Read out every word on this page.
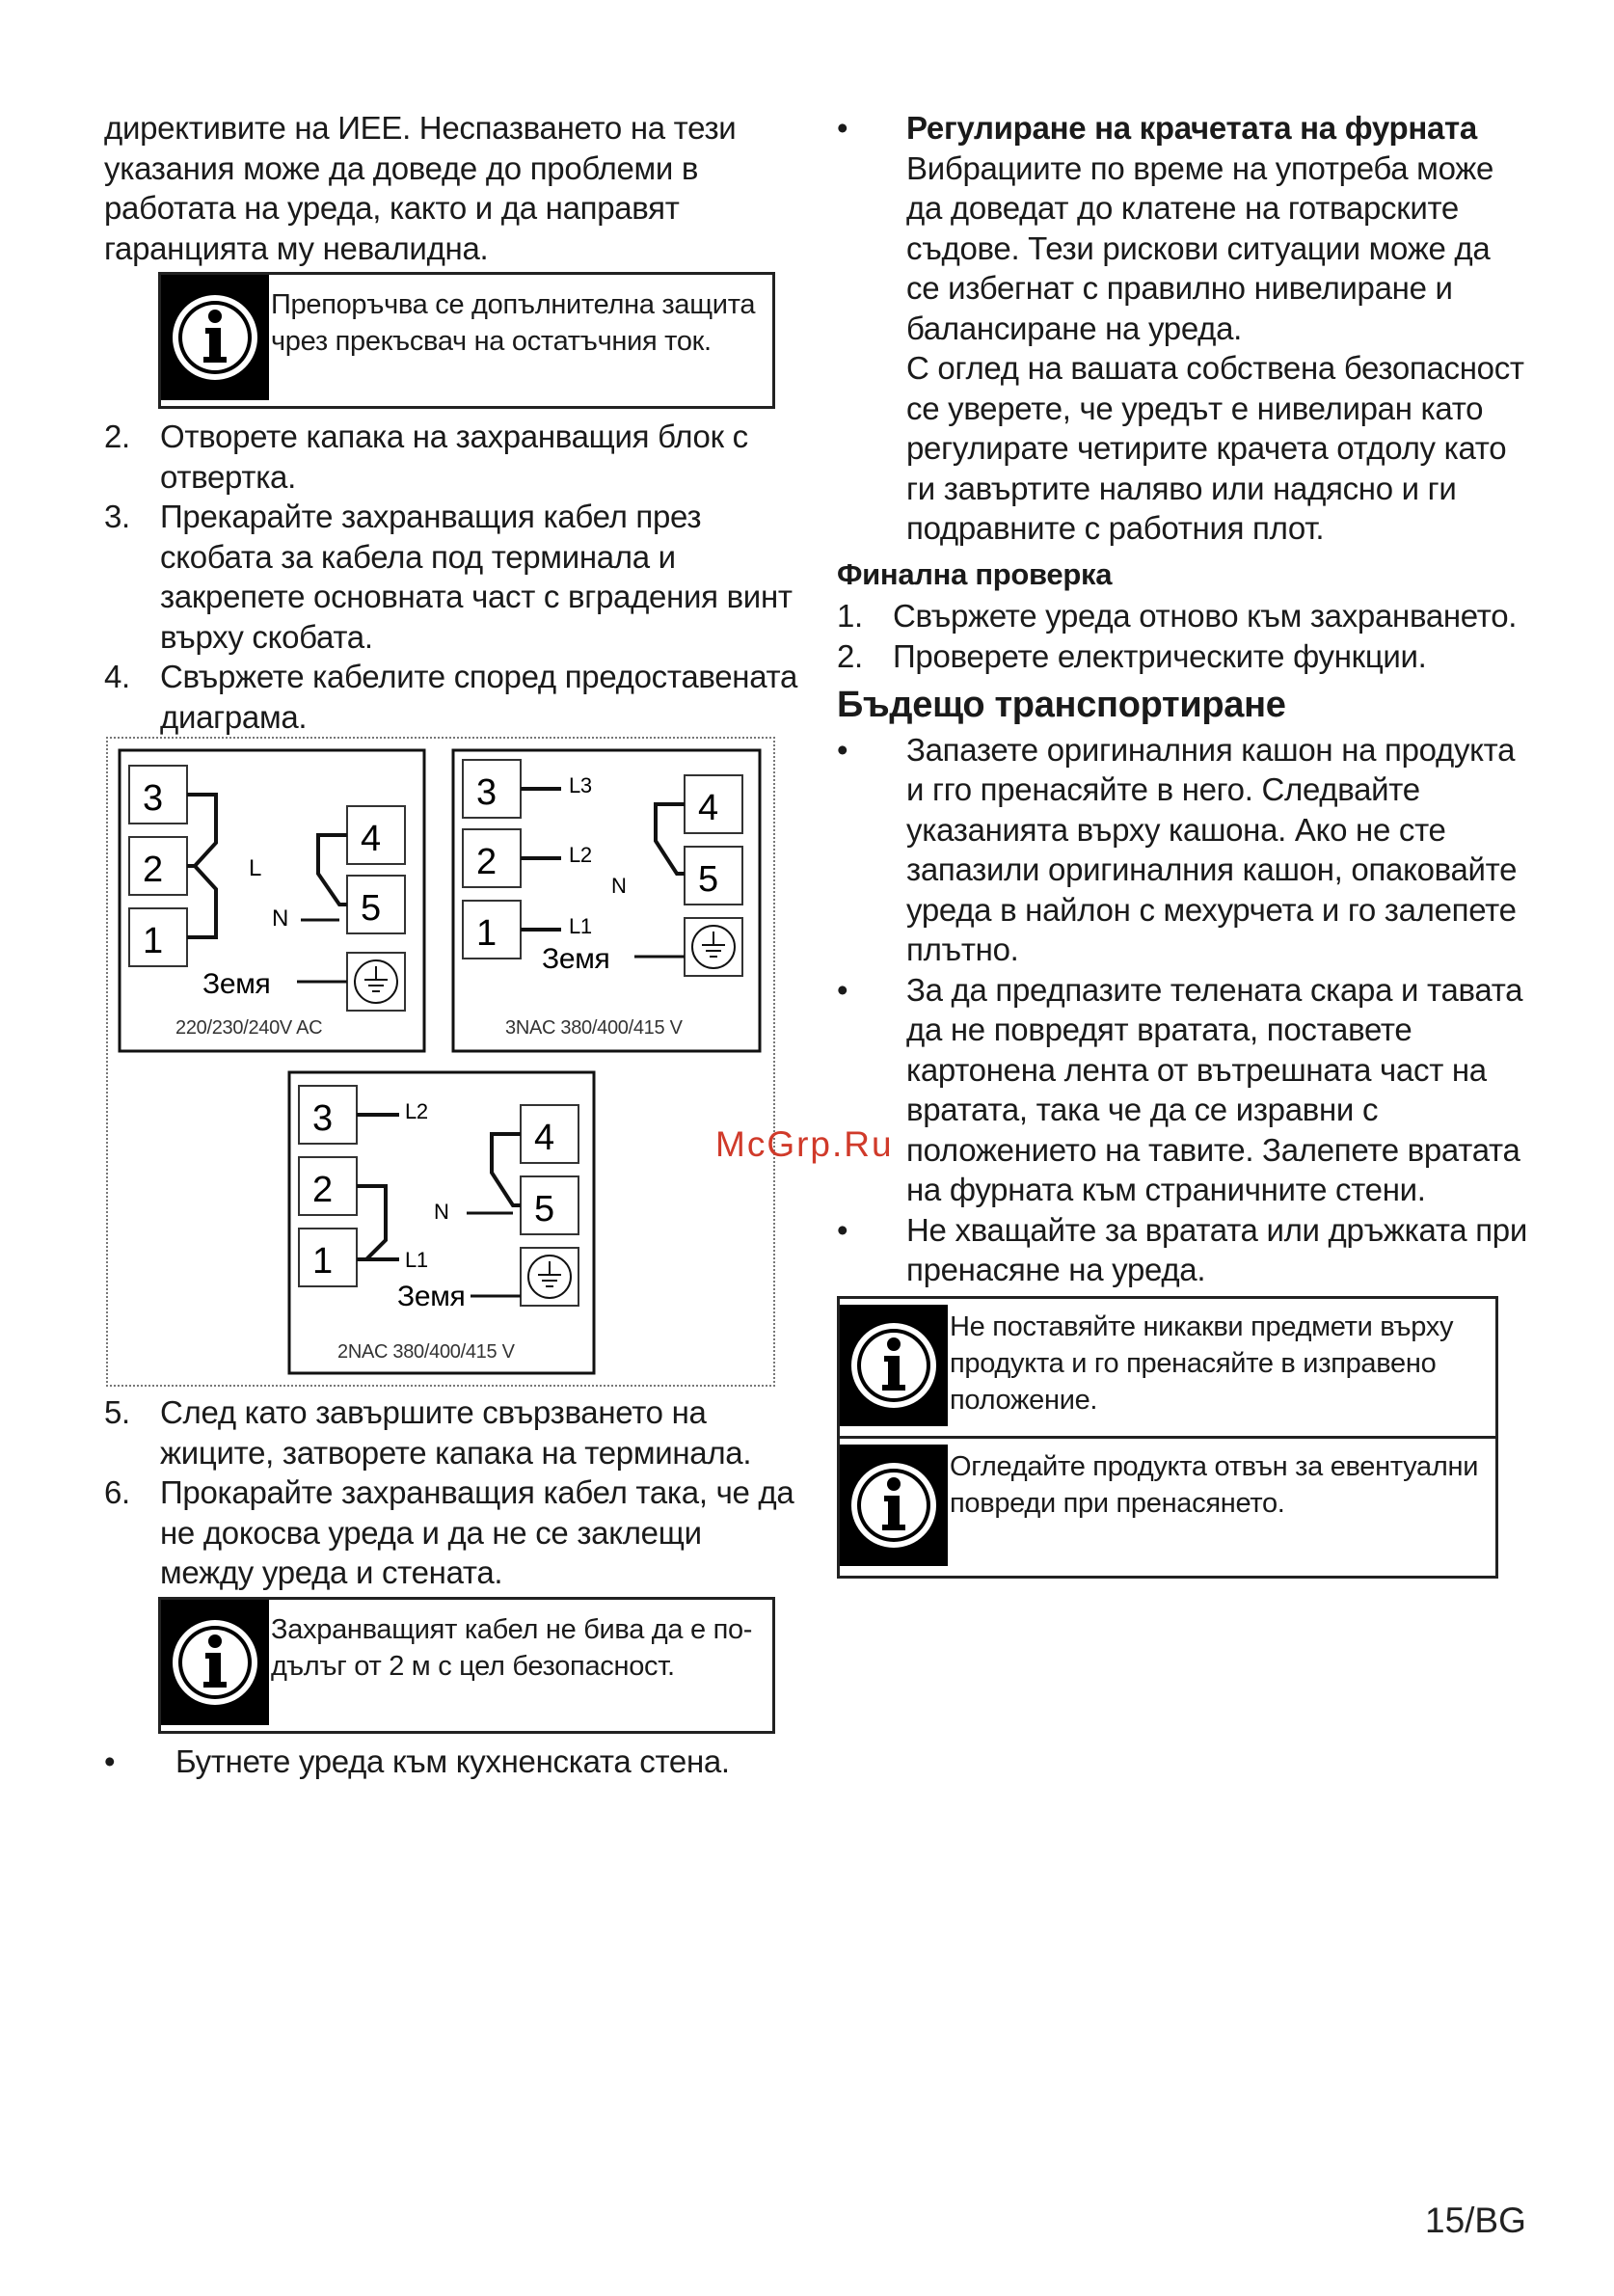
директивите на ИЕЕ. Неспазването на тези указания може да доведе до проблеми в работата на уреда, както и да направят гаранцията му невалидна.

Препоръчва се допълнителна защита чрез прекъсвач на остатъчния ток.
2. Отворете капака на захранващия блок с отвертка.
3. Прекарайте захранващия кабел през скобата за кабела под терминала и закрепете основната част с вградения винт върху скобата.
4. Свържете кабелите според предоставената диаграма.
3
2
1
4
5
L
N
Земя
220/230/240V AC
3
2
1
4
5
L3
L2
L1
N
Земя
3NAC 380/400/415 V
3
2
1
4
5
L2
L1
N
Земя
2NAC 380/400/415 V
5. След като завършите свързването на жиците, затворете капака на терминала.
6. Прокарайте захранващия кабел така, че да не докосва уреда и да не се заклещи между уреда и стената.
Захранващият кабел не бива да е по-дълъг от 2 м с цел безопасност.
• Бутнете уреда към кухненската стена.
• Регулиране на крачетата на фурната

Вибрациите по време на употреба може да доведат до клатене на готварските съдове. Тези рискови ситуации може да се избегнат с правилно нивелиране и балансиране на уреда.

С оглед на вашата собствена безопасност се уверете, че уредът е нивелиран като регулирате четирите крачета отдолу като ги завъртите наляво или надясно и ги подравните с работния плот.

Финална проверка
1. Свържете уреда отново към захранването.
2. Проверете електрическите функции.
Бъдещо транспортиране
• Запазете оригиналния кашон на продукта и гго пренасяйте в него. Следвайте указанията върху кашона. Ако не сте запазили оригиналния кашон, опаковайте уреда в найлон с мехурчета и го залепете плътно.
• За да предпазите телената скара и тавата да не повредят вратата, поставете картонена лента от вътрешната част на вратата, така че да се изравни с положението на тавите. Залепете вратата на фурната към страничните стени.
• Не хващайте за вратата или дръжката при пренасяне на уреда.
Не поставяйте никакви предмети върху продукта и го пренасяйте в изправено положение.
Огледайте продукта отвън за евентуални повреди при пренасянето.
McGrp.Ru
15/BG
